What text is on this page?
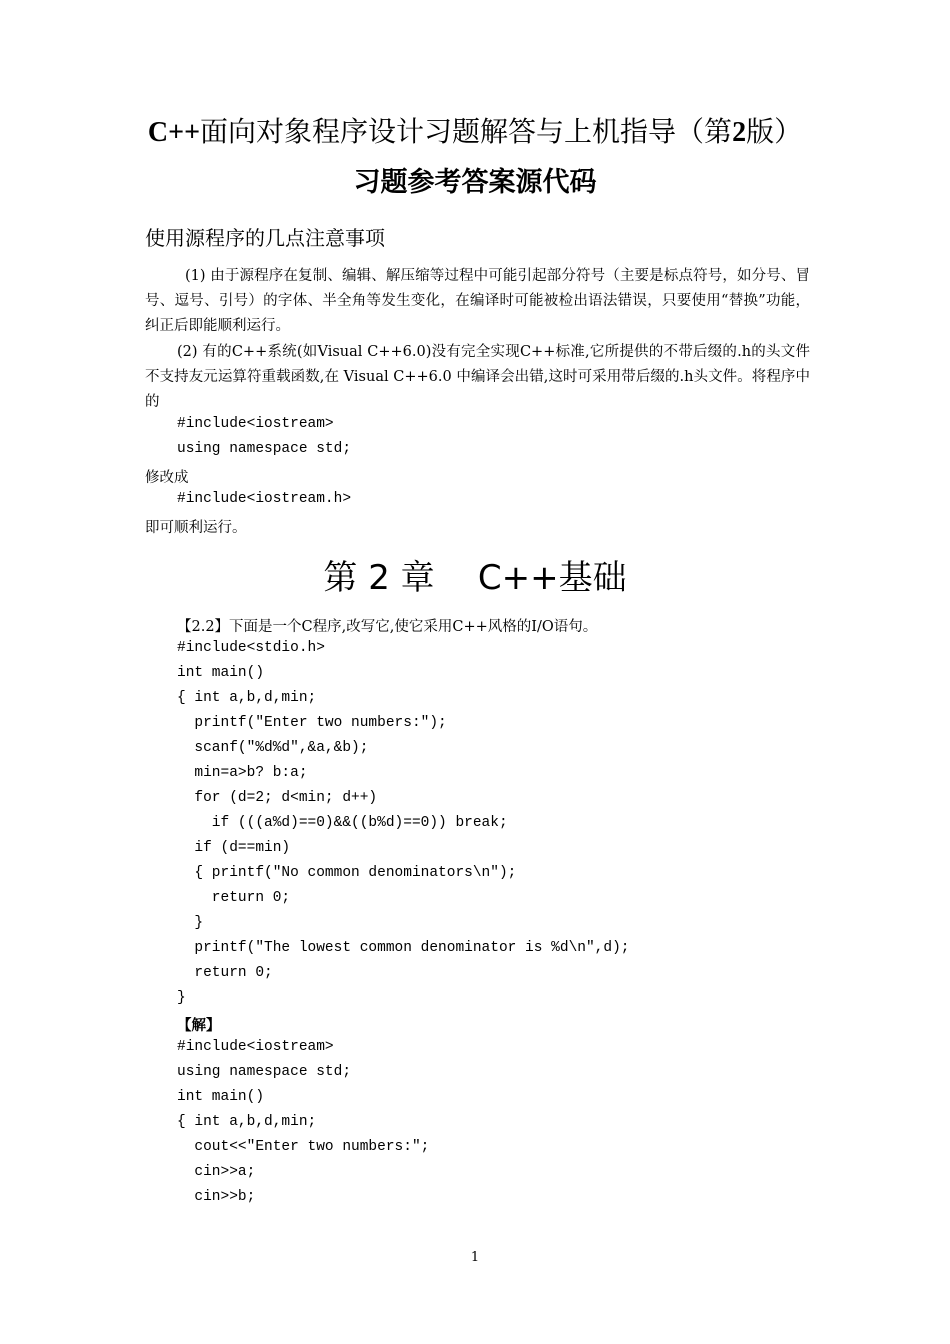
C++面向对象程序设计习题解答与上机指导（第2版）
习题参考答案源代码
使用源程序的几点注意事项
(1) 由于源程序在复制、编辑、解压缩等过程中可能引起部分符号（主要是标点符号，如分号、冒号、逗号、引号）的字体、半全角等发生变化，在编译时可能被检出语法错误，只要使用“替换”功能，纠正后即能顺利运行。
(2) 有的C++系统(如Visual C++6.0)没有完全实现C++标准,它所提供的不带后缀的.h的头文件不支持友元运算符重载函数,在 Visual C++6.0 中编译会出错,这时可采用带后缀的.h头文件。将程序中的
#include<iostream>
using namespace std;
修改成
#include<iostream.h>
即可顺利运行。
第 2 章    C++基础
【2.2】下面是一个C程序,改写它,使它采用C++风格的I/O语句。
#include<stdio.h>
int main()
{ int a,b,d,min;
printf("Enter two numbers:");
scanf("%d%d",&a,&b);
min=a>b? b:a;
for (d=2; d<min; d++)
if (((a%d)==0)&&((b%d)==0)) break;
if (d==min)
{ printf("No common denominators\n");
return 0;
}
printf("The lowest common denominator is %d\n",d);
return 0;
}
【解】
#include<iostream>
using namespace std;
int main()
{ int a,b,d,min;
cout<<"Enter two numbers:";
cin>>a;
cin>>b;
1
